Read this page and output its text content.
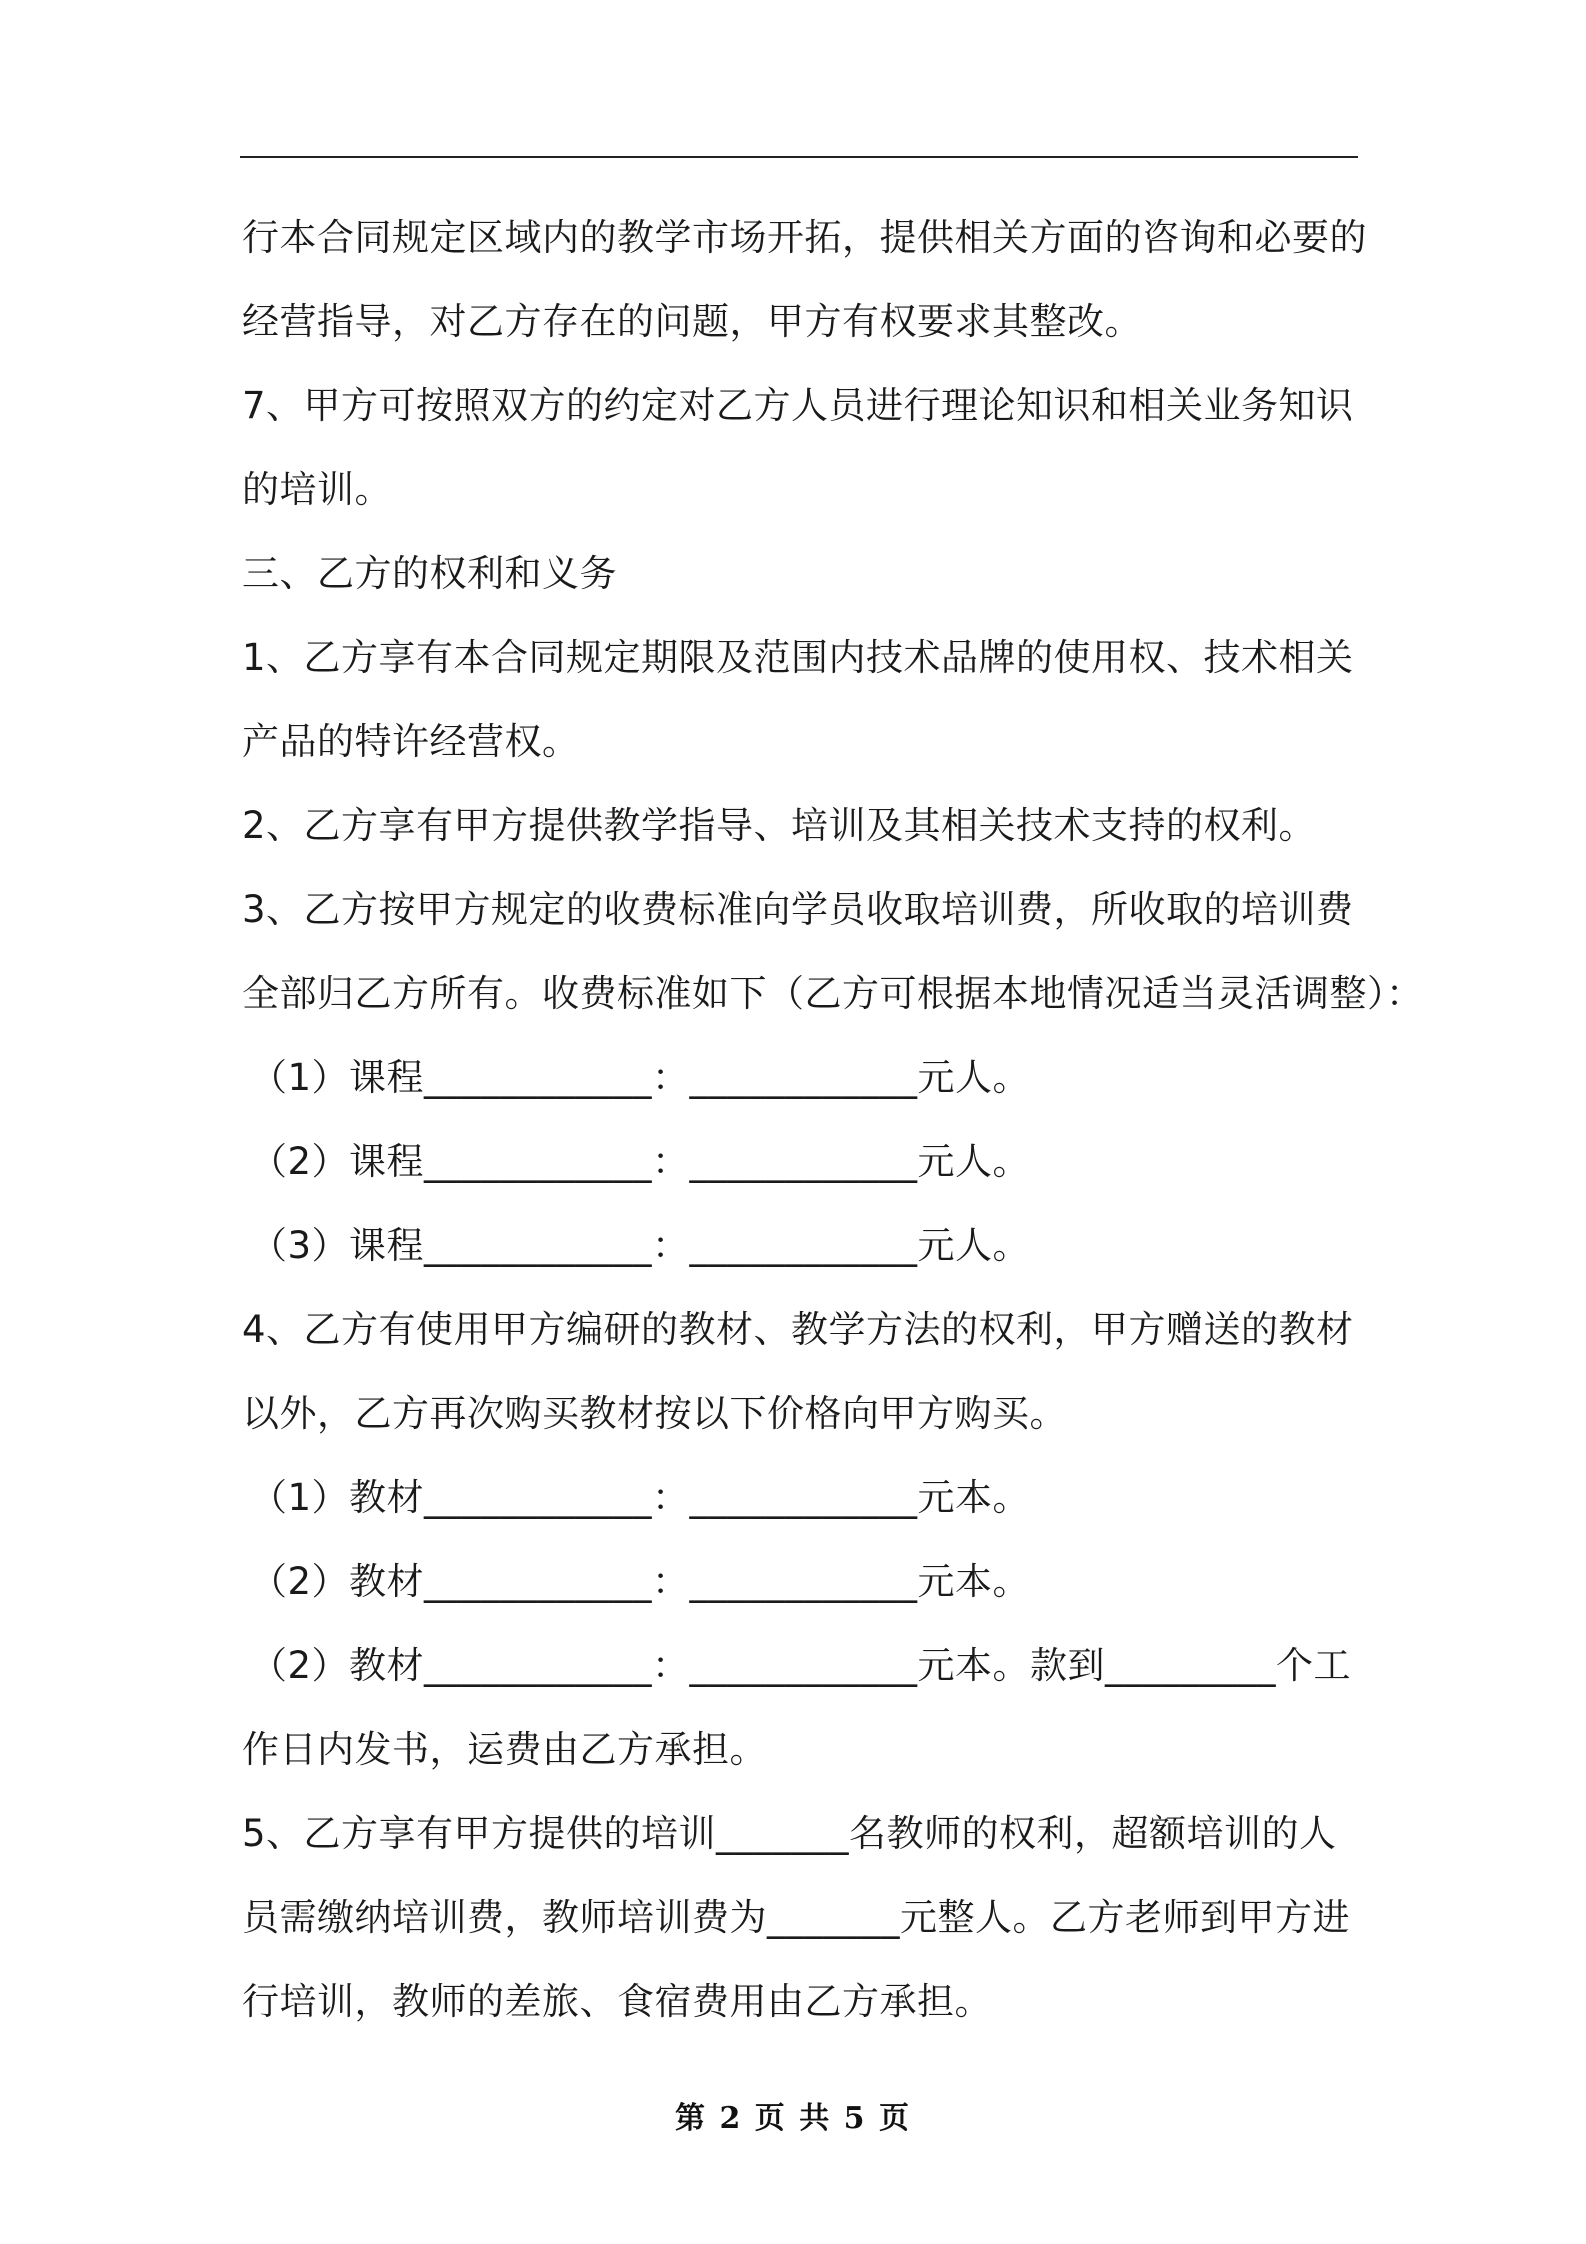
行本合同规定区域内的教学市场开拓，提供相关方面的咨询和必要的
经营指导，对乙方存在的问题，甲方有权要求其整改。
7、甲方可按照双方的约定对乙方人员进行理论知识和相关业务知识
的培训。
三、乙方的权利和义务
1、乙方享有本合同规定期限及范围内技术品牌的使用权、技术相关
产品的特许经营权。
2、乙方享有甲方提供教学指导、培训及其相关技术支持的权利。
3、乙方按甲方规定的收费标准向学员收取培训费，所收取的培训费
全部归乙方所有。收费标准如下（乙方可根据本地情况适当灵活调整）：
（1）课程____________：____________元人。
（2）课程____________：____________元人。
（3）课程____________：____________元人。
4、乙方有使用甲方编研的教材、教学方法的权利，甲方赠送的教材
以外，乙方再次购买教材按以下价格向甲方购买。
（1）教材____________：____________元本。
（2）教材____________：____________元本。
（2）教材____________：____________元本。款到_________个工
作日内发书，运费由乙方承担。
5、乙方享有甲方提供的培训_______名教师的权利，超额培训的人
员需缴纳培训费，教师培训费为_______元整人。乙方老师到甲方进
行培训，教师的差旅、食宿费用由乙方承担。
第 2 页 共 5 页
